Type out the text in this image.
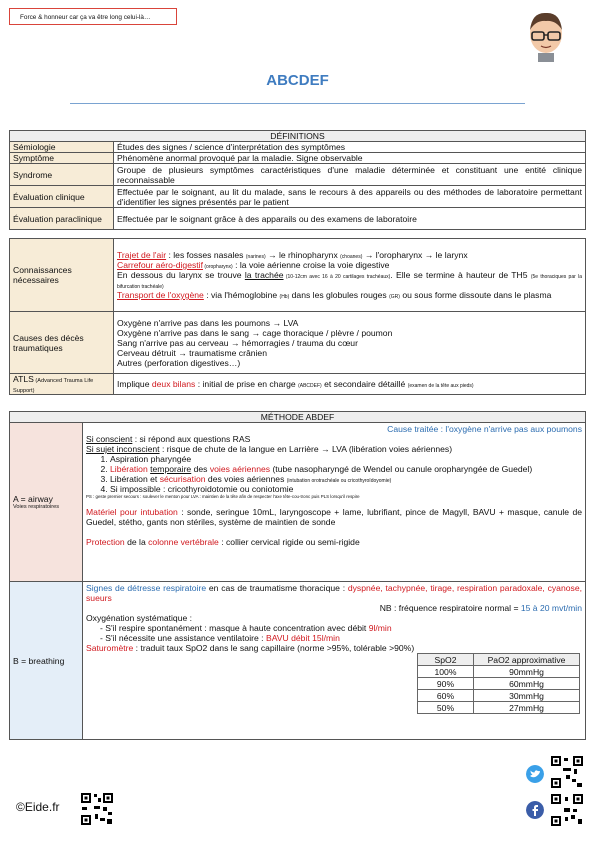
Force & honneur car ça va être long celui-là…
ABCDEF
DÉFINITIONS	
Sémiologie	Études des signes / science d'interprétation des symptômes
Symptôme	Phénomène anormal provoqué par la maladie. Signe observable
Syndrome	Groupe de plusieurs symptômes caractéristiques d'une maladie déterminée et constituant une entité clinique reconnaissable
Évaluation clinique	Effectuée par le soignant, au lit du malade, sans le recours à des appareils ou des méthodes de laboratoire permettant d'identifier les signes présentés par le patient
Évaluation paraclinique	Effectuée par le soignant grâce à des apparails ou des examens de laboratoire

Connaissances nécessaires	Trajet de l'air : les fosses nasales (narines) → le rhinopharynx (choanes) → l'oropharynx → le larynx
Carrefour aéro-digestif (oropharynx) : la voie aérienne croise la voie digestive
En dessous du larynx se trouve la trachée (10-12cm avec 16 à 20 cartilages trachéaux). Elle se termine à hauteur de TH5 (5e thoraciques par la bifurcation trachéale)
Transport de l'oxygène : via l'hémoglobine (Hb) dans les globules rouges (GR) ou sous forme dissoute dans le plasma

Causes des décès traumatiques	Oxygène n'arrive pas dans les poumons → LVA
Oxygène n'arrive pas dans le sang → cage thoracique / plèvre / poumon
Sang n'arrive pas au cerveau → hémorragies / trauma du cœur
Cerveau détruit → traumatisme crânien
Autres (perforation digestives…)

ATLS (Advanced Trauma Life Support)	Implique deux bilans : initial de prise en charge (ABCDEF) et secondaire détaillé (examen de la tête aux pieds)
MÉTHODE ABDEF

A = airway
Voies respiratoires

Cause traitée : l'oxygène n'arrive pas aux poumons
Si conscient : si répond aux questions RAS
Si sujet inconscient : risque de chute de la langue en Larrière → LVA (libération voies aériennes)
1. Aspiration pharyngée
2. Libération temporaire des voies aériennes (tube nasopharyngé de Wendel ou canule oropharyngée de Guedel)
3. Libération et sécurisation des voies aériennes (intubation orotrachéale ou cricothyroïdoyomie)
4. Si impossible : cricothyroidotomie ou coniotomie
PS : geste premier secours : soulever le menton pour LVA : maintien de la tête afin de respecter l'axe tête-cou-tronc puis PLS lorsqu'il respire
Matériel pour intubation : sonde, seringue 10mL, laryngoscope + lame, lubrifiant, pince de Magyll, BAVU + masque, canule de Guedel, stétho, gants non stériles, système de maintien de sonde
Protection de la colonne vertébrale : collier cervical rigide ou semi-rigide

B = breathing	
Signes de détresse respiratoire en cas de traumatisme thoracique : dyspnée, tachypnée, tirage, respiration paradoxale, cyanose, sueurs
NB : fréquence respiratoire normal = 15 à 20 mvt/min
Oxygénation systématique :
- S'il respire spontanément : masque à haute concentration avec débit 9l/min
- S'il nécessite une assistance ventilatoire : BAVU débit 15l/min
Saturomètre : traduit taux SpO2 dans le sang capillaire (norme >95%, tolérable >90%)
SpO2	PaO2 approximative
100%	90mmHg
90%	60mmHg
60%	30mmHg
50%	27mmHg
©Eide.fr
